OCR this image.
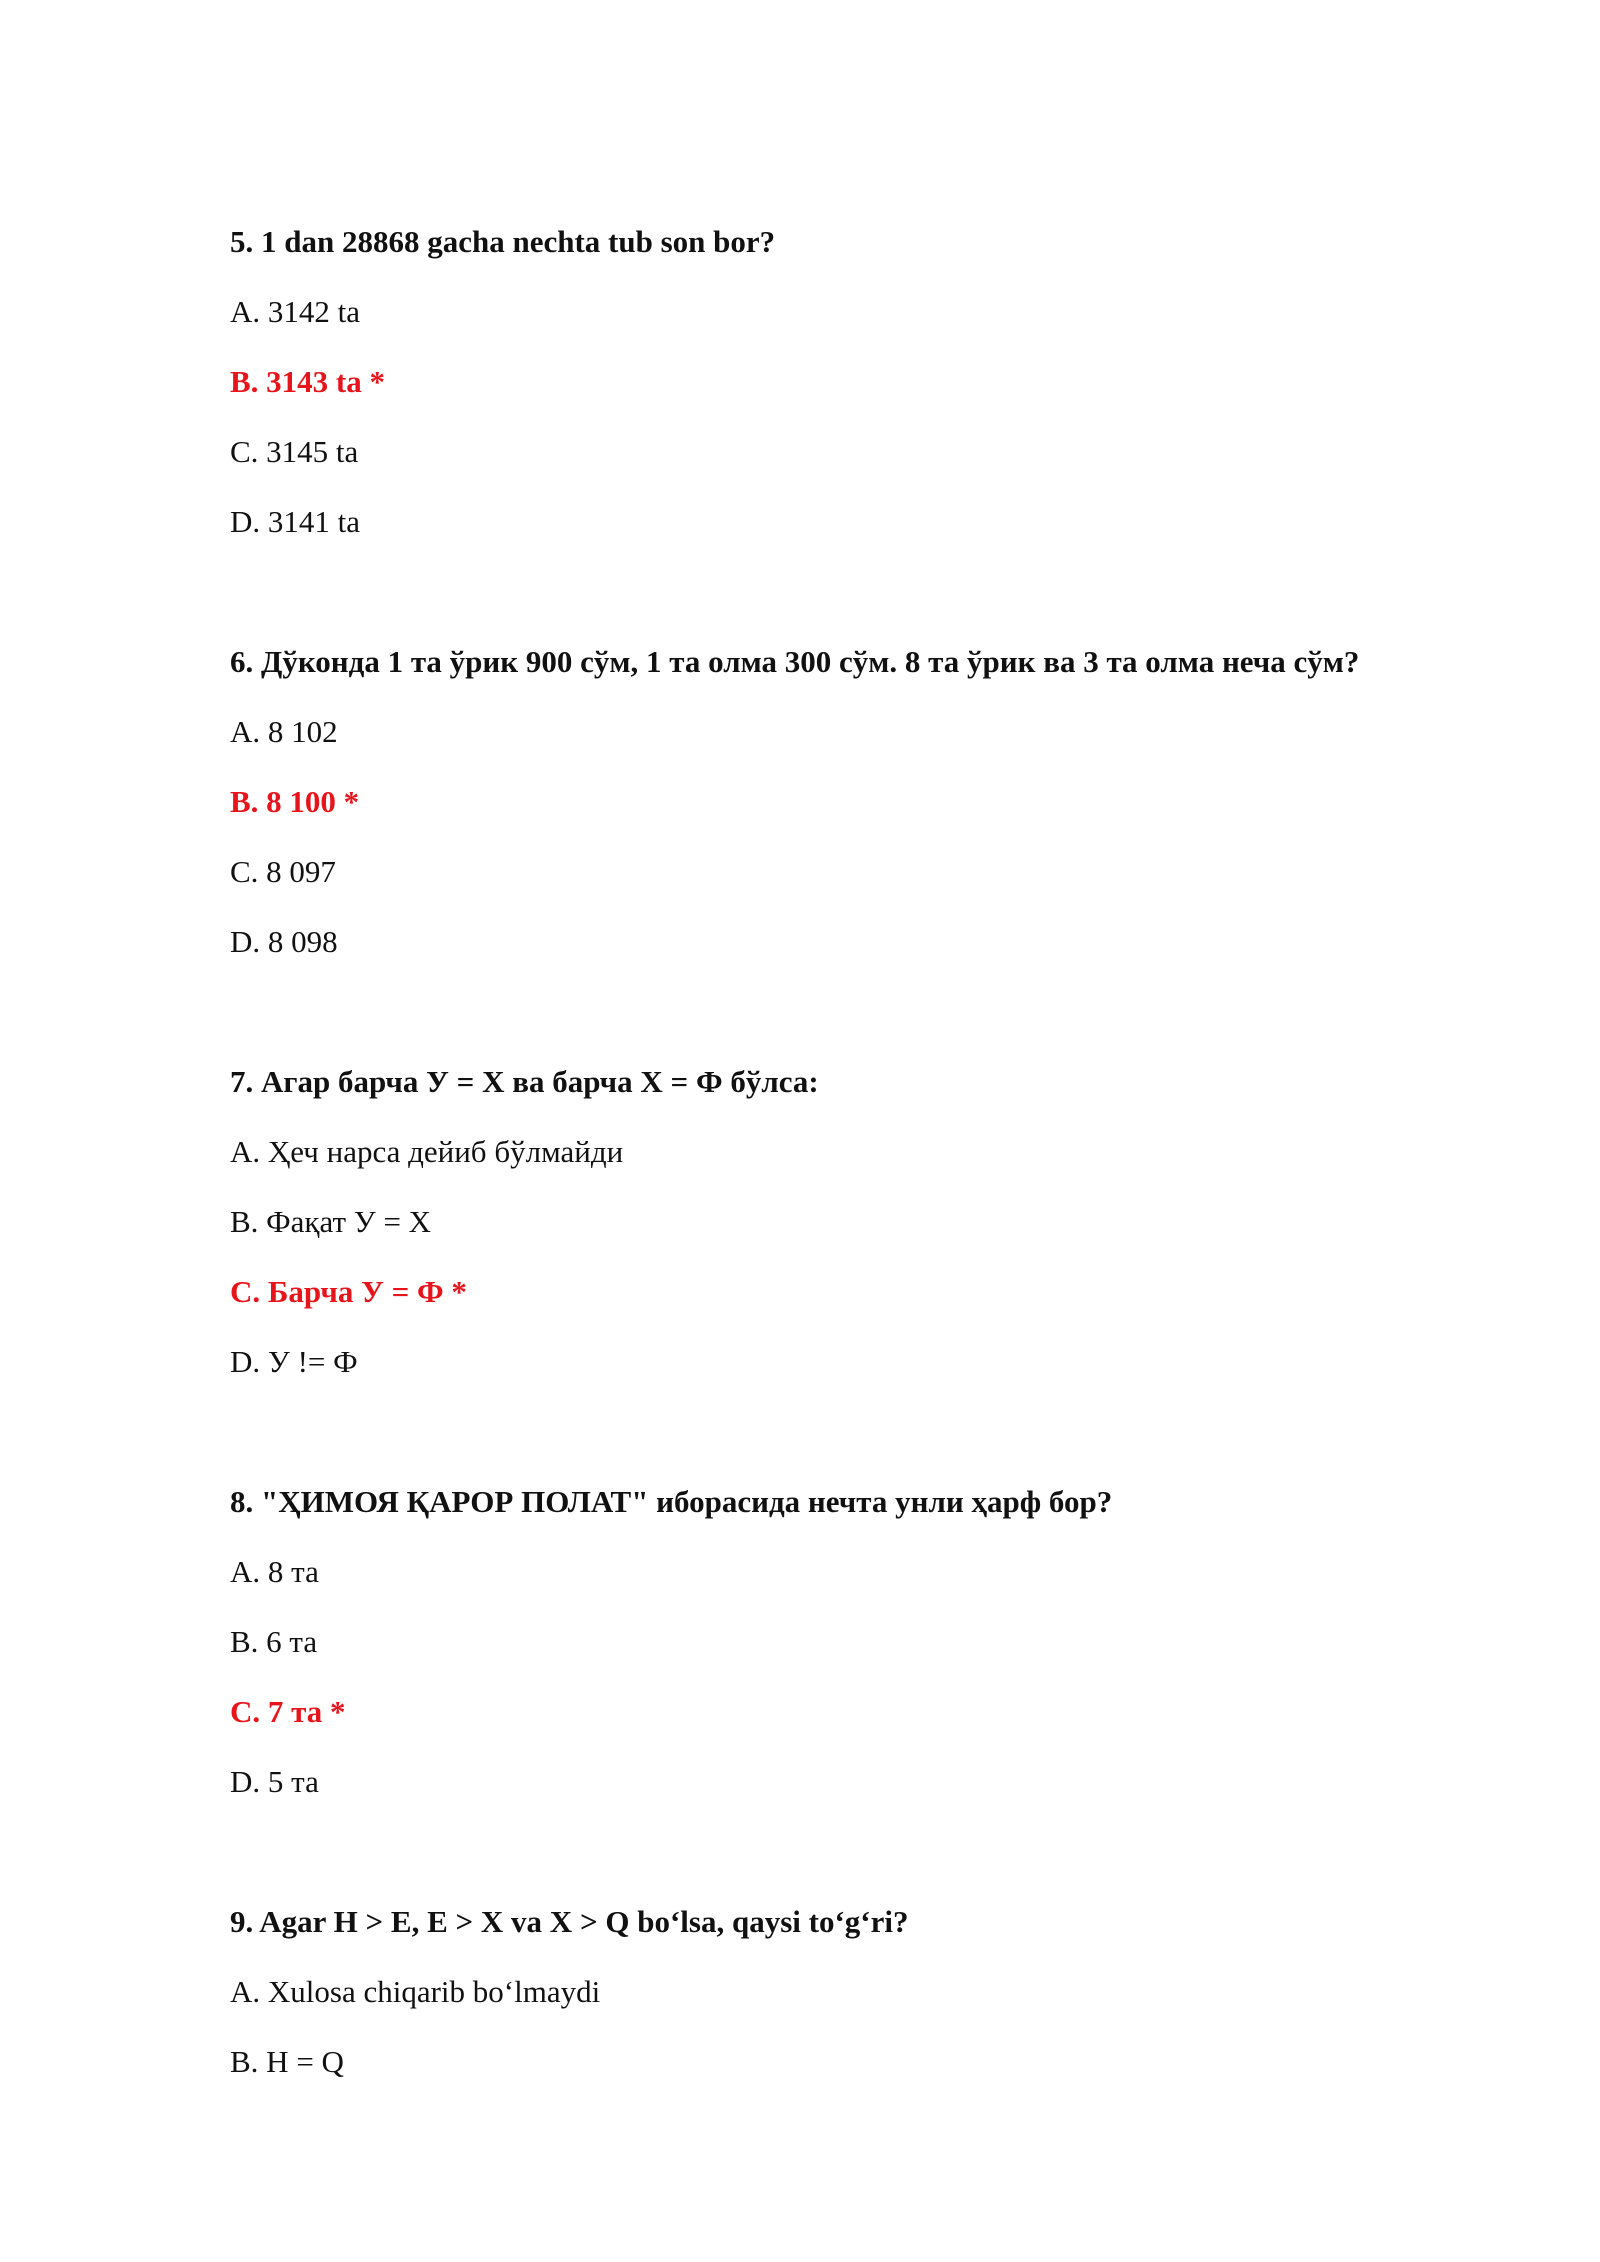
5. 1 dan 28868 gacha nechta tub son bor?
A. 3142 ta
B. 3143 ta *
C. 3145 ta
D. 3141 ta
6. Дўконда 1 та ўрик 900 сўм, 1 та олма 300 сўм. 8 та ўрик ва 3 та олма неча сўм?
A. 8 102
B. 8 100 *
C. 8 097
D. 8 098
7. Агар барча У = Х ва барча Х = Ф бўлса:
A. Ҳеч нарса дейиб бўлмайди
B. Фақат У = Х
C. Барча У = Ф *
D. У != Ф
8. "ҲИМОЯ ҚАРОР ПОЛАТ" иборасида нечта унли ҳарф бор?
A. 8 та
B. 6 та
C. 7 та *
D. 5 та
9. Agar H > E, E > X va X > Q bo‘lsa, qaysi to‘g‘ri?
A. Xulosa chiqarib bo‘lmaydi
B. H = Q
